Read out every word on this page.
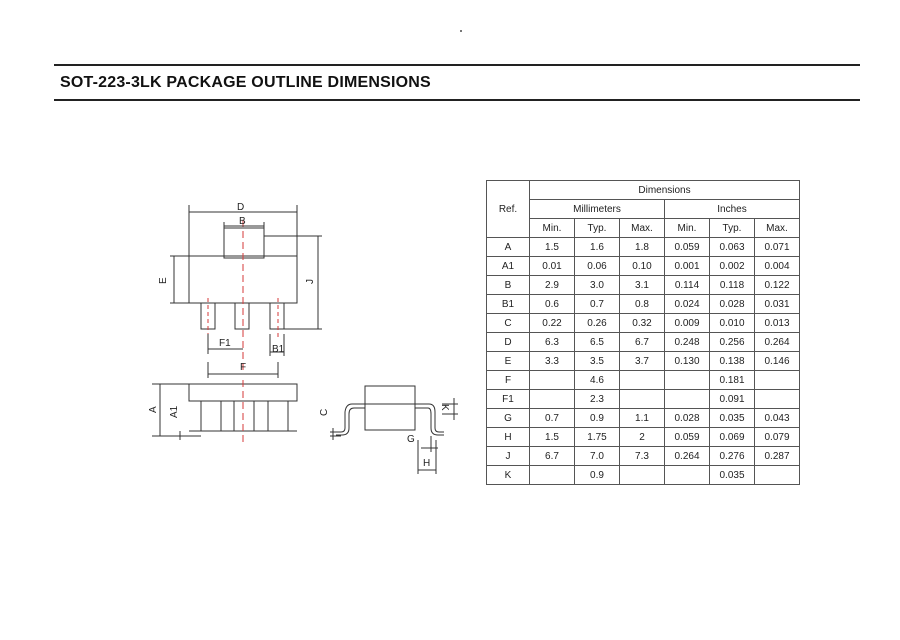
SOT-223-3LK PACKAGE OUTLINE DIMENSIONS
D
B
E	J
F1
B1
F
A A1	C
K
G
H
Ref.	Dimensions					
	Millimeters			Inches		
	Min.	Typ.	Max.	Min.	Typ.	Max.
A	1.5	1.6	1.8	0.059	0.063	0.071
A1	0.01	0.06	0.10	0.001	0.002	0.004
B	2.9	3.0	3.1	0.114	0.118	0.122
B1	0.6	0.7	0.8	0.024	0.028	0.031
C	0.22	0.26	0.32	0.009	0.010	0.013
D	6.3	6.5	6.7	0.248	0.256	0.264
E	3.3	3.5	3.7	0.130	0.138	0.146
F		4.6			0.181	
F1		2.3			0.091	
G	0.7	0.9	1.1	0.028	0.035	0.043
H	1.5	1.75	2	0.059	0.069	0.079
J	6.7	7.0	7.3	0.264	0.276	0.287
K		0.9			0.035	
